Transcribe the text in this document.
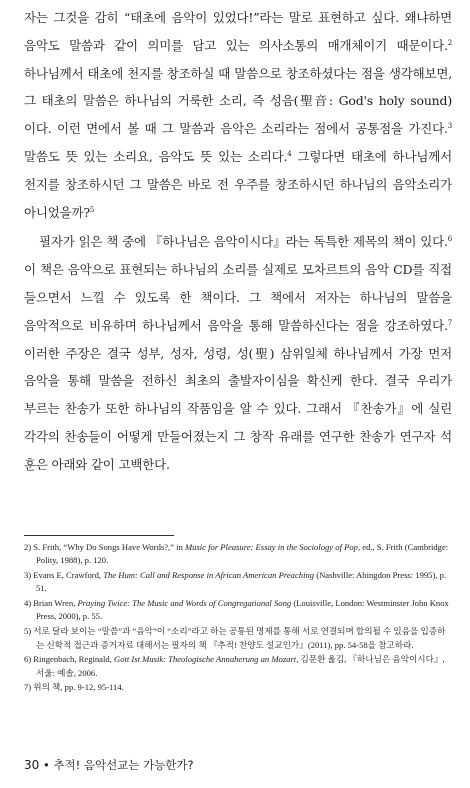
자는 그것을 감히 “태초에 음악이 있었다!”라는 말로 표현하고 싶다. 왜냐하면 음악도 말씀과 같이 의미를 담고 있는 의사소통의 매개체이기 때문이다.$^2$ 하나님께서 태초에 천지를 창조하실 때 말씀으로 창조하셨다는 점을 생각해보면, 그 태초의 말씀은 하나님의 거룩한 소리, 즉 성음(聖音: God's holy sound)이다. 이런 면에서 볼 때 그 말씀과 음악은 소리라는 점에서 공통점을 가진다.$^3$ 말씀도 뜻 있는 소리요, 음악도 뜻 있는 소리다.$^4$ 그렇다면 태초에 하나님께서 천지를 창조하시던 그 말씀은 바로 전 우주를 창조하시던 하나님의 음악소리가 아니었을까?$^5$

필자가 읽은 책 중에 『하나님은 음악이시다』라는 독특한 제목의 책이 있다.$^6$ 이 책은 음악으로 표현되는 하나님의 소리를 실제로 모차르트의 음악 CD를 직접 들으면서 느낄 수 있도록 한 책이다. 그 책에서 저자는 하나님의 말씀을 음악적으로 비유하며 하나님께서 음악을 통해 말씀하신다는 점을 강조하였다.$^7$ 이러한 주장은 결국 성부, 성자, 성령, 성(聖) 삼위일체 하나님께서 가장 먼저 음악을 통해 말씀을 전하신 최초의 출발자이심을 확신케 한다. 결국 우리가 부르는 찬송가 또한 하나님의 작품임을 알 수 있다. 그래서 『찬송가』에 실린 각각의 찬송들이 어떻게 만들어졌는지 그 창작 유래를 연구한 찬송가 연구자 석 훈은 아래와 같이 고백한다.

2) S. Frith, “Why Do Songs Have Words?,” in Music for Pleasure: Essay in the Sociology of Pop, ed., S. Frith (Cambridge: Polity, 1988), p. 120.
3) Evans E, Crawford, The Hum: Call and Response in African American Preaching (Nashville: Abingdon Press: 1995), p. 51.
4) Brian Wren, Praying Twice: The Music and Words of Congregational Song (Louisville, London: Westminster John Knox Press, 2000), p. 55.
5) 서로 달라 보이는 “말씀”과 “음악”이 “소리”라고 하는 공통된 명제를 통해 서로 연결되며 합의될 수 있음을 입증하는 신학적 접근과 증거자료 대해서는 필자의 책 『추적! 찬양도 설교인가』(2011), pp. 54-58을 참고하라.
6) Ringenbach, Reginald, Gott Ist Musik: Theologische Annaherung an Mozart, 김문환 옮김, 『하나님은 음악이시다』, 서울: 예솔, 2006.
7) 위의 책, pp. 9-12, 95-114.
30 • 추적! 음악선교는 가능한가?
